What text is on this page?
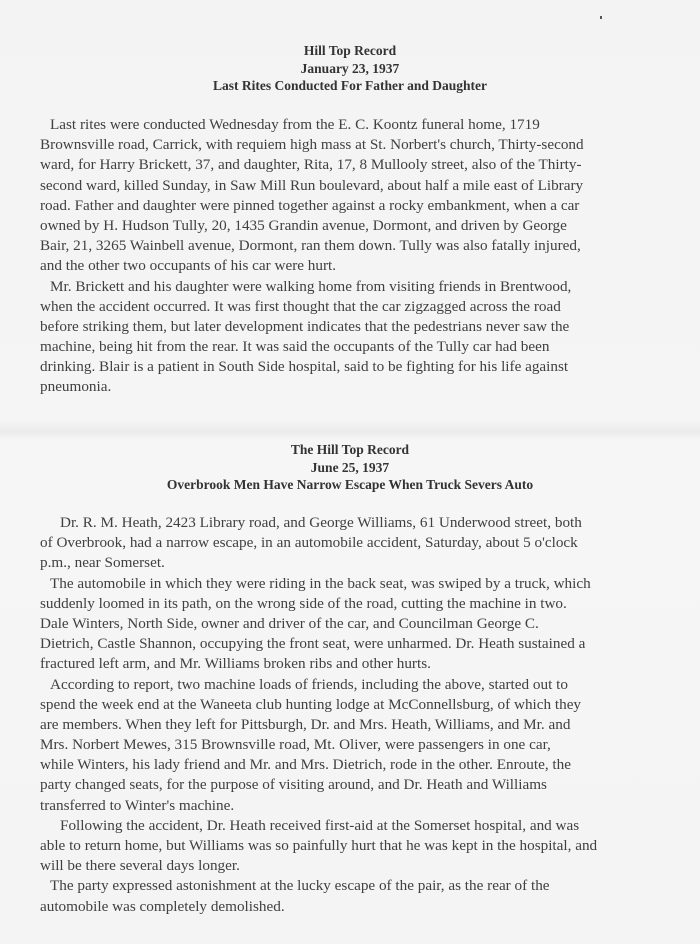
Hill Top Record
January 23, 1937
Last Rites Conducted For Father and Daughter
Last rites were conducted Wednesday from the E. C. Koontz funeral home, 1719
Brownsville road, Carrick, with requiem high mass at St. Norbert's church, Thirty-second
ward, for Harry Brickett, 37, and daughter, Rita, 17, 8 Mullooly street, also of the Thirty-
second ward, killed Sunday, in Saw Mill Run boulevard, about half a mile east of Library
road. Father and daughter were pinned together against a rocky embankment, when a car
owned by H. Hudson Tully, 20, 1435 Grandin avenue, Dormont, and driven by George
Bair, 21, 3265 Wainbell avenue, Dormont, ran them down. Tully was also fatally injured,
and the other two occupants of his car were hurt.
Mr. Brickett and his daughter were walking home from visiting friends in Brentwood,
when the accident occurred. It was first thought that the car zigzagged across the road
before striking them, but later development indicates that the pedestrians never saw the
machine, being hit from the rear. It was said the occupants of the Tully car had been
drinking. Blair is a patient in South Side hospital, said to be fighting for his life against
pneumonia.
The Hill Top Record
June 25, 1937
Overbrook Men Have Narrow Escape When Truck Severs Auto
Dr. R. M. Heath, 2423 Library road, and George Williams, 61 Underwood street, both
of Overbrook, had a narrow escape, in an automobile accident, Saturday, about 5 o'clock
p.m., near Somerset.
The automobile in which they were riding in the back seat, was swiped by a truck, which
suddenly loomed in its path, on the wrong side of the road, cutting the machine in two.
Dale Winters, North Side, owner and driver of the car, and Councilman George C.
Dietrich, Castle Shannon, occupying the front seat, were unharmed. Dr. Heath sustained a
fractured left arm, and Mr. Williams broken ribs and other hurts.
According to report, two machine loads of friends, including the above, started out to
spend the week end at the Waneeta club hunting lodge at McConnellsburg, of which they
are members. When they left for Pittsburgh, Dr. and Mrs. Heath, Williams, and Mr. and
Mrs. Norbert Mewes, 315 Brownsville road, Mt. Oliver, were passengers in one car,
while Winters, his lady friend and Mr. and Mrs. Dietrich, rode in the other. Enroute, the
party changed seats, for the purpose of visiting around, and Dr. Heath and Williams
transferred to Winter's machine.
Following the accident, Dr. Heath received first-aid at the Somerset hospital, and was
able to return home, but Williams was so painfully hurt that he was kept in the hospital, and
will be there several days longer.
The party expressed astonishment at the lucky escape of the pair, as the rear of the
automobile was completely demolished.
